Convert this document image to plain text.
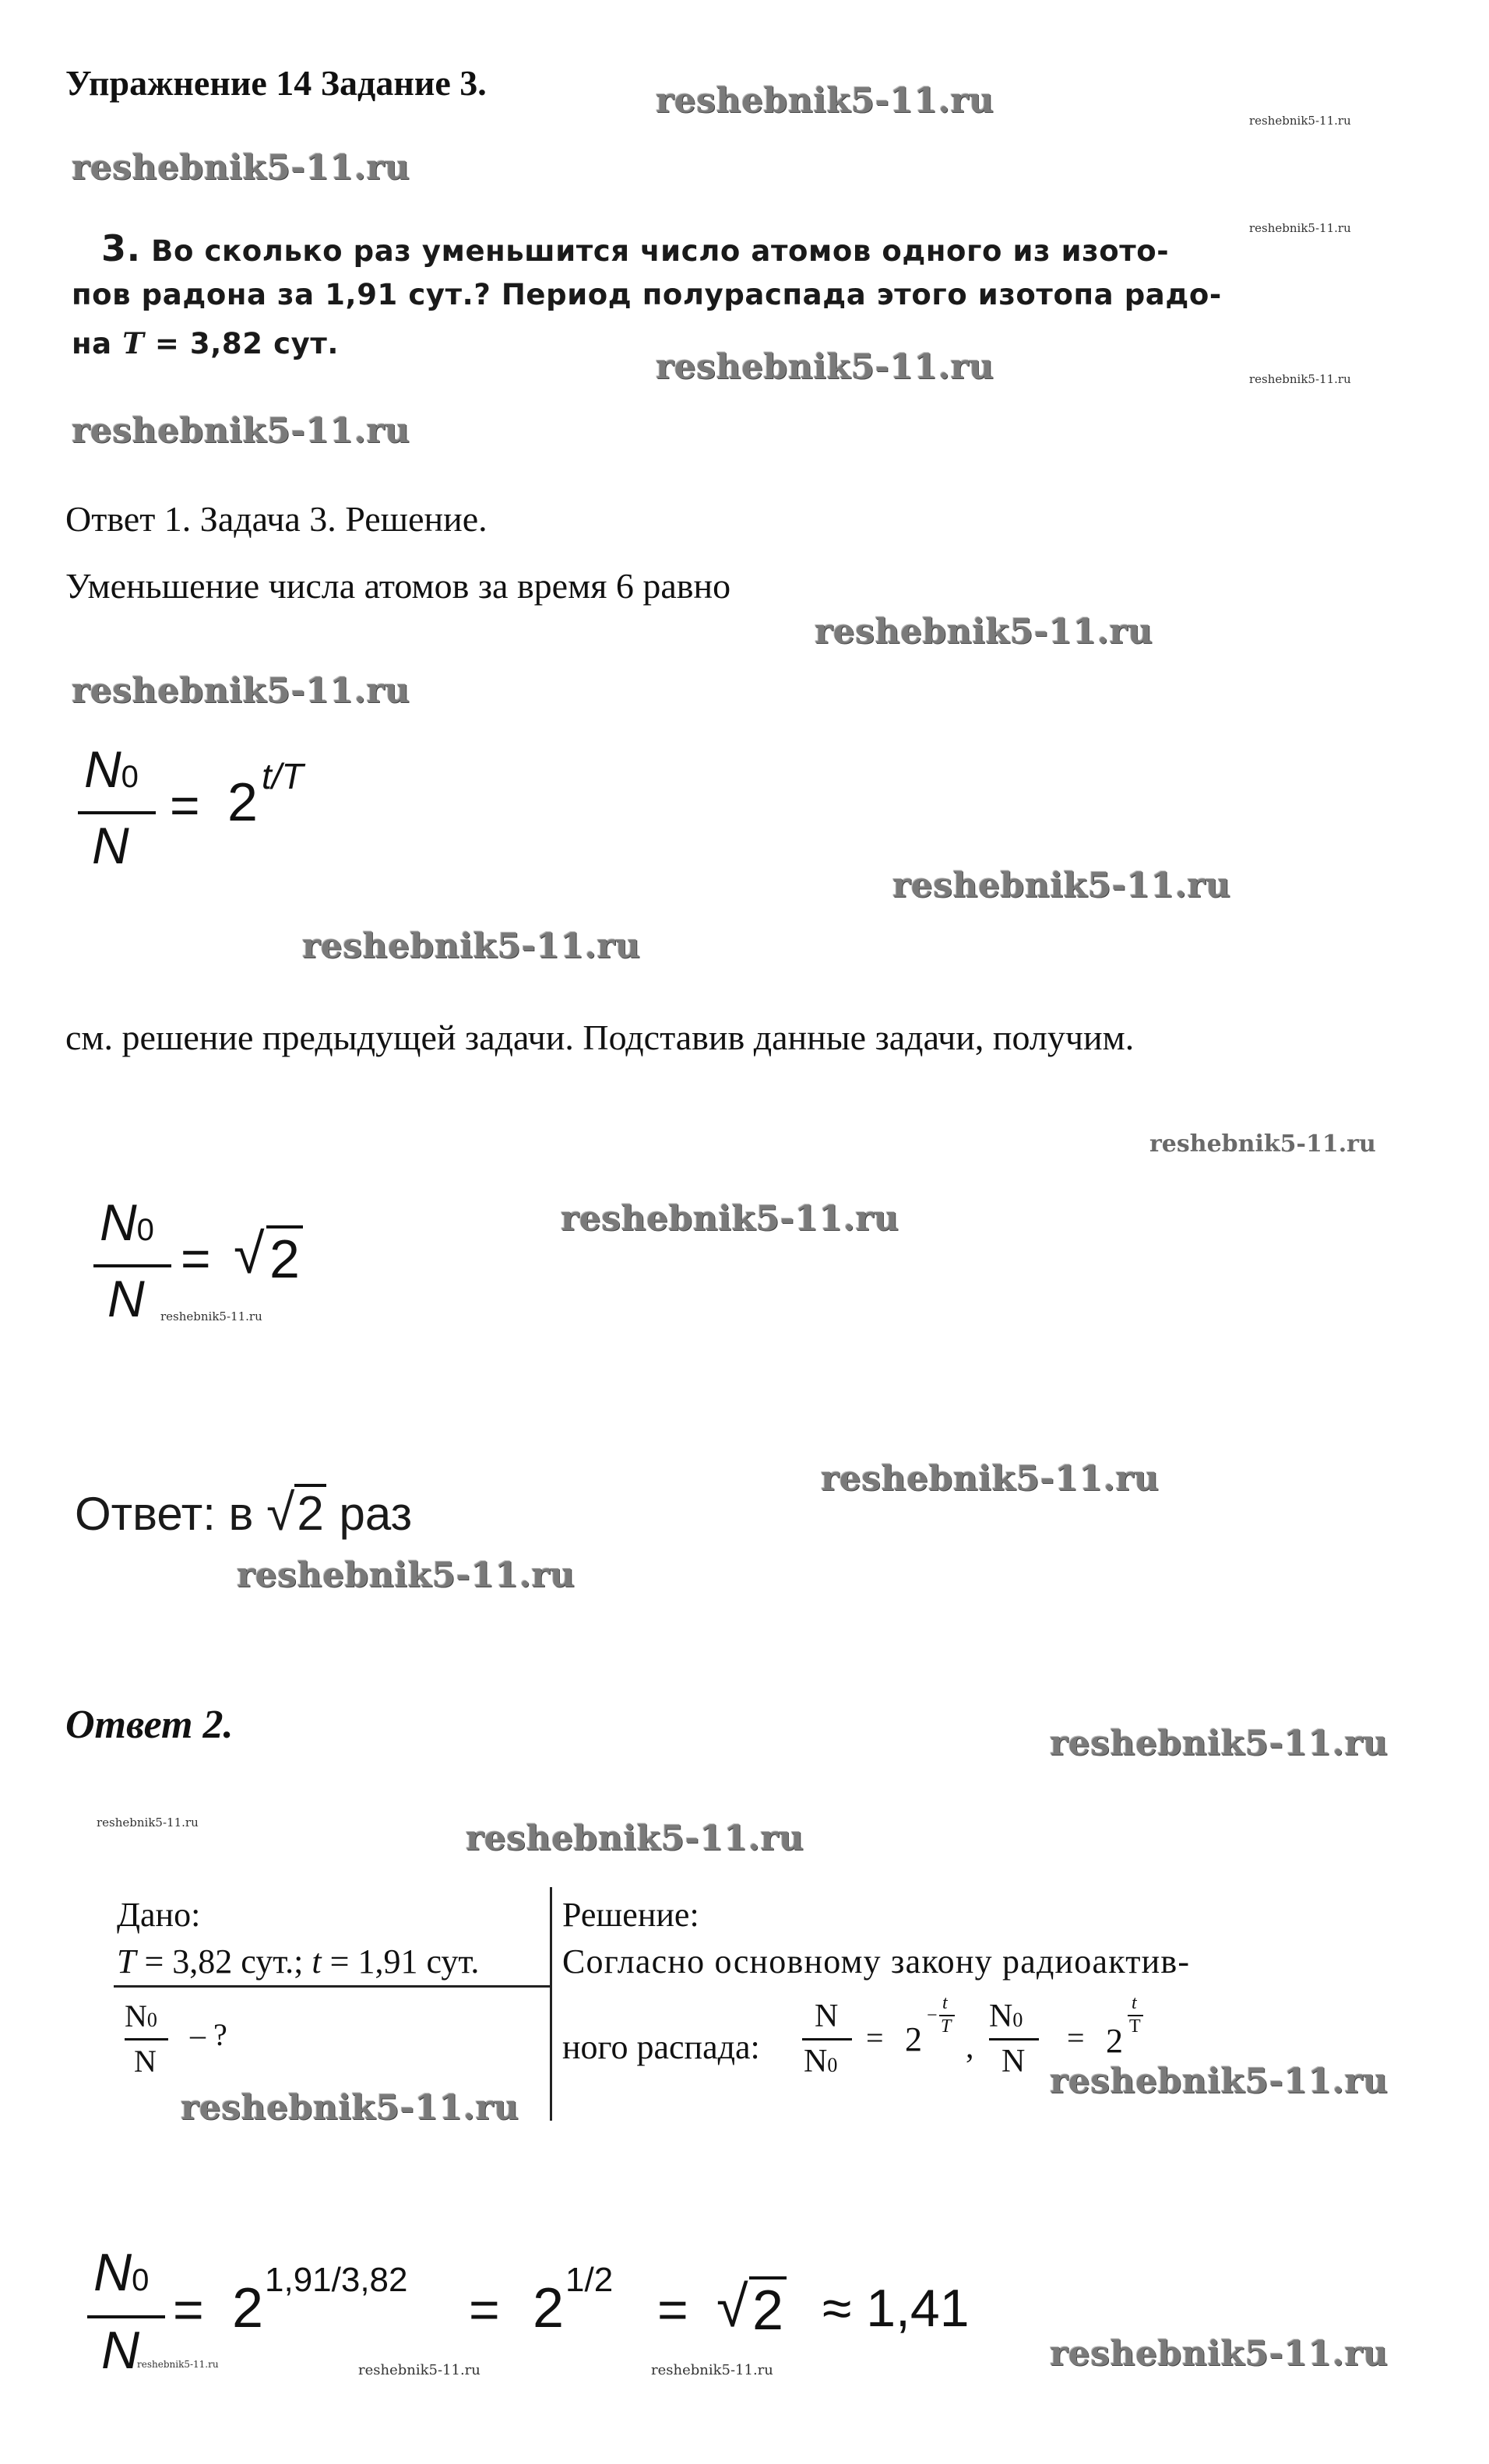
Упражнение 14 Задание 3.	reshebnik5-11.ru	reshebnik5-11.ru
reshebnik5-11.ru
reshebnik5-11.ru
3. Во сколько раз уменьшится число атомов одного из изото-
пов радона за 1,91 сут.? Период полураспада этого изотопа радо-
на T = 3,82 сут.
reshebnik5-11.ru	reshebnik5-11.ru
reshebnik5-11.ru
Ответ 1. Задача 3. Решение.
Уменьшение числа атомов за время 6 равно
reshebnik5-11.ru
reshebnik5-11.ru
N0
N
= 2 t/T
reshebnik5-11.ru
reshebnik5-11.ru
см. решение предыдущей задачи. Подставив данные задачи, получим.
reshebnik5-11.ru
N0
N
= √ 2
reshebnik5-11.ru
reshebnik5-11.ru
reshebnik5-11.ru
Ответ: в √2 раз
reshebnik5-11.ru
Ответ 2.	reshebnik5-11.ru
reshebnik5-11.ru	reshebnik5-11.ru
Дано:
T = 3,82 сут.; t = 1,91 сут.
N0
N
– ?
reshebnik5-11.ru
Решение:
Согласно основному закону радиоактив-
ного распада:
N
N0
= 2
−
t
T
,
N0
N
= 2
t
T
reshebnik5-11.ru
N0
N
= 2 1,91/3,82
= 2 1/2
= √ 2 ≈ 1,41
reshebnik5-11.ru	reshebnik5-11.ru	reshebnik5-11.ru	reshebnik5-11.ru
